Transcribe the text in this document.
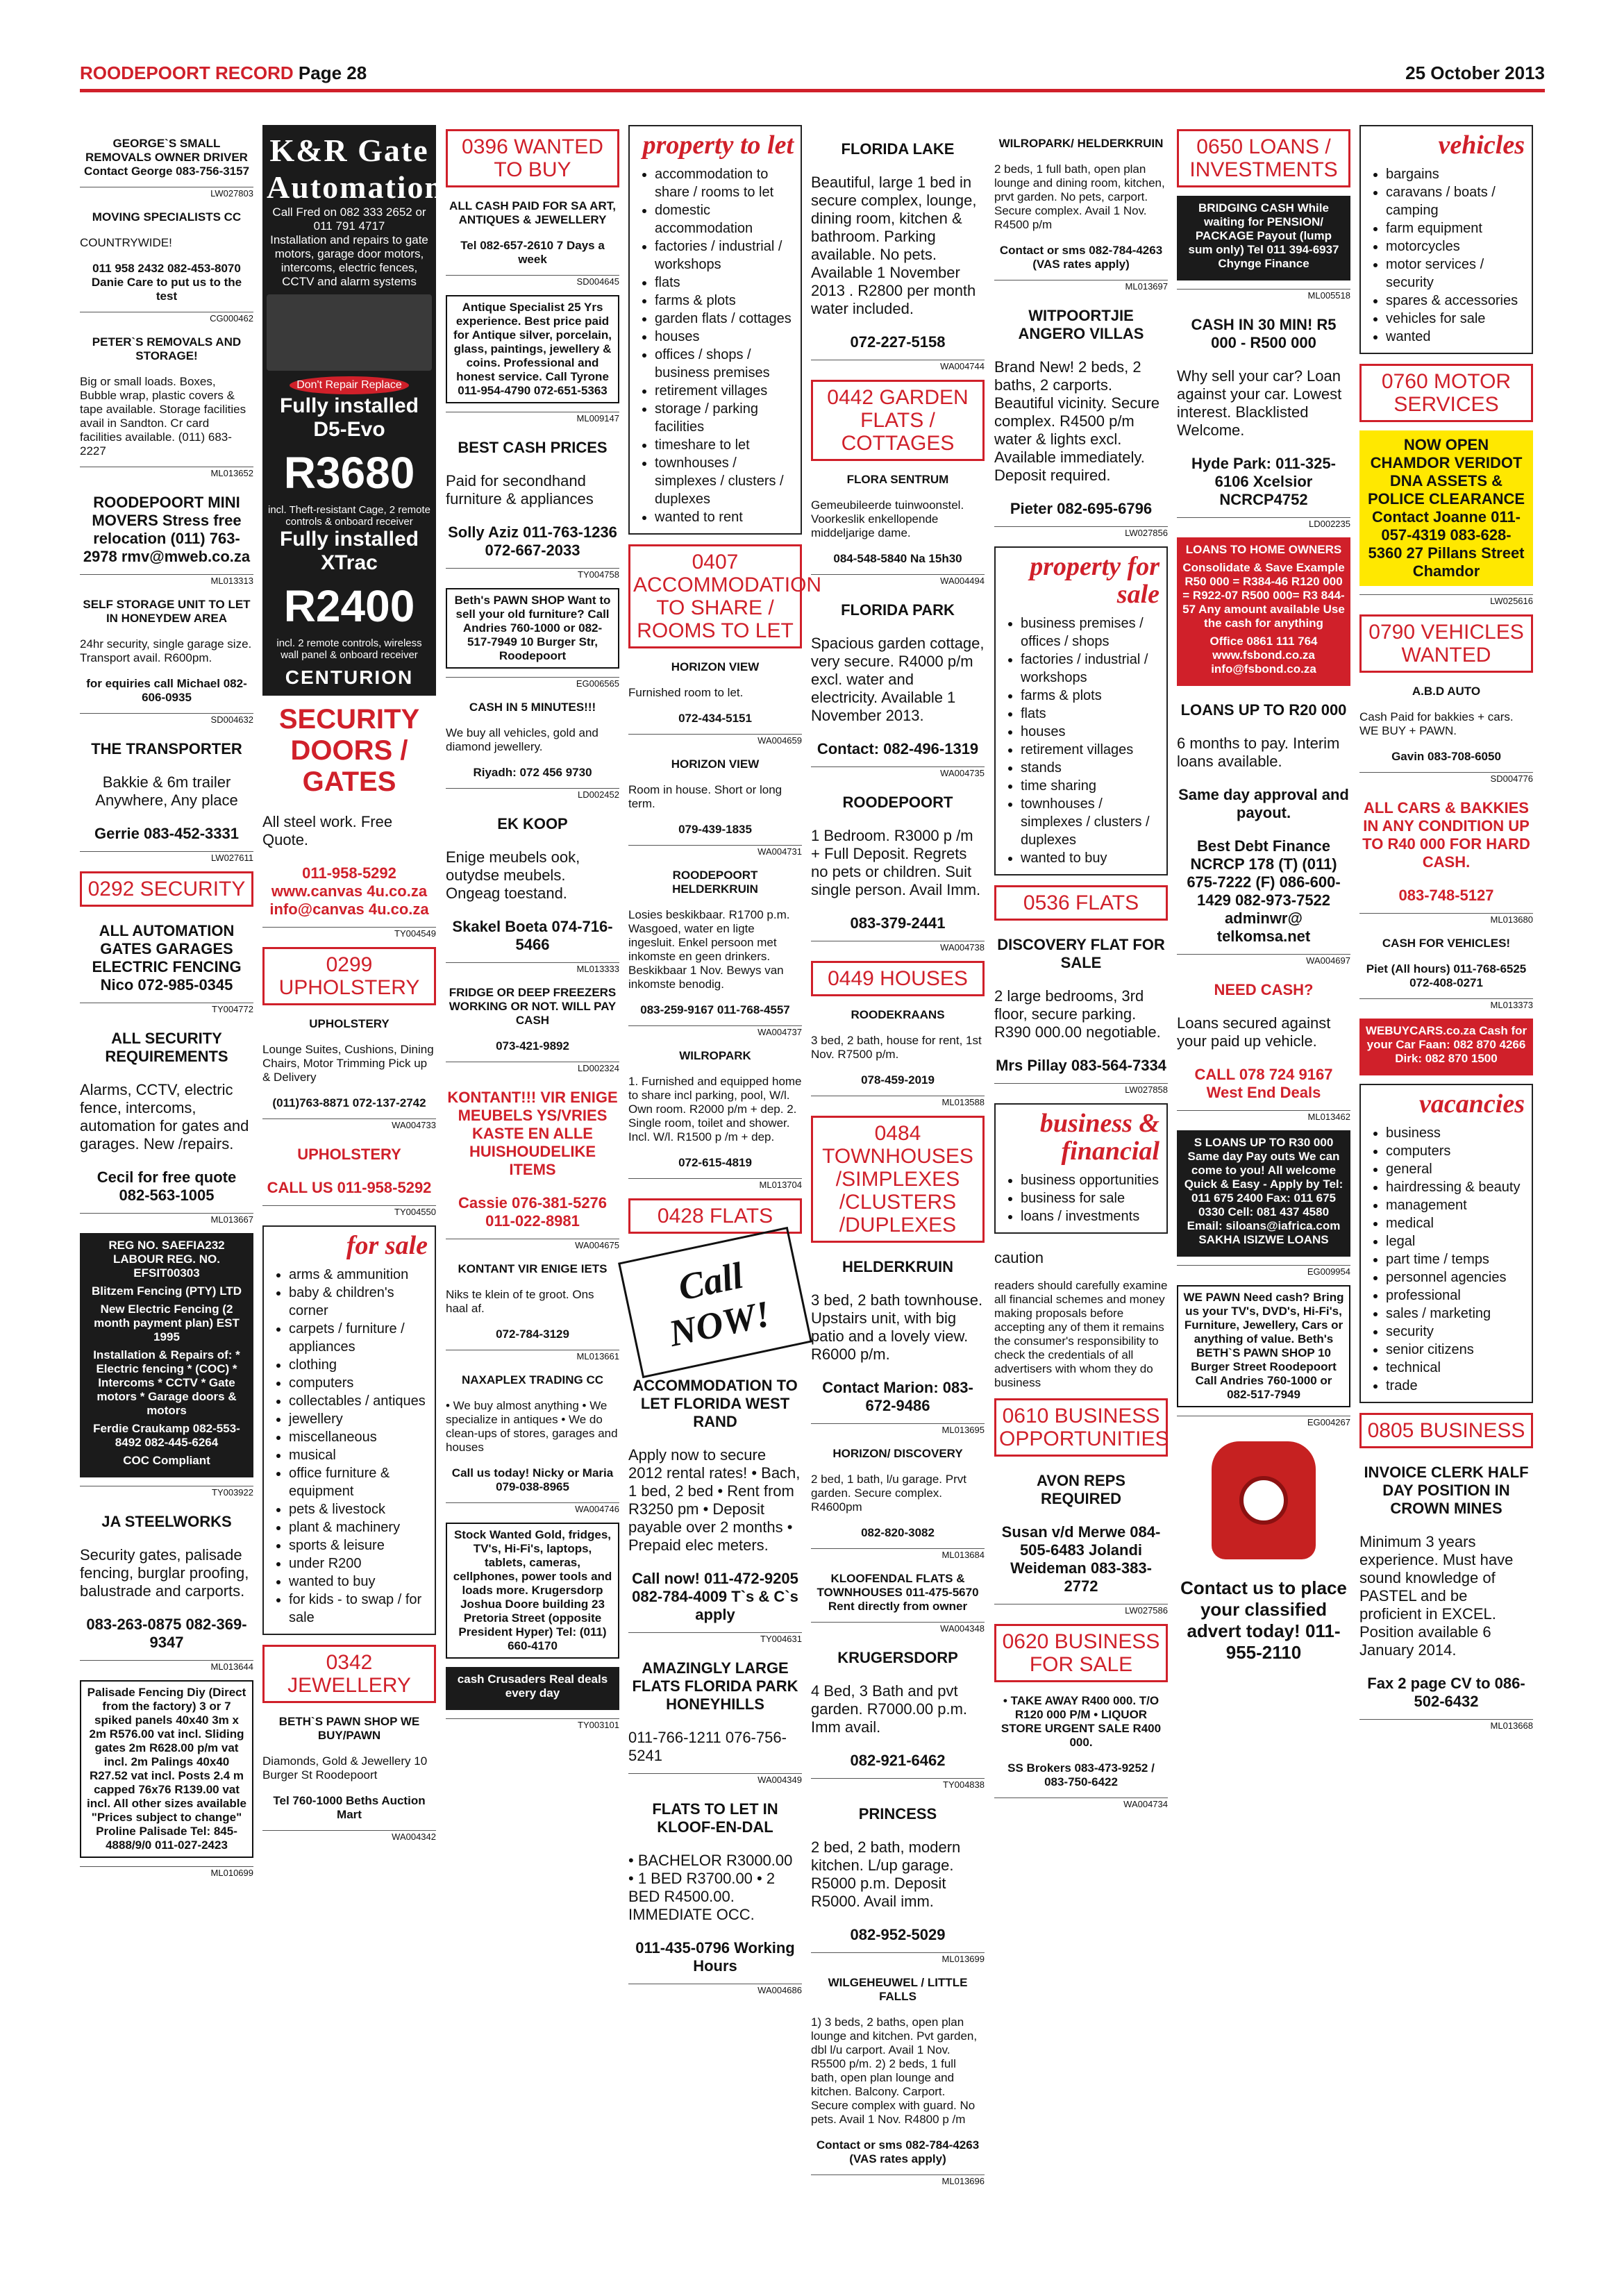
ROODEPOORT RECORD Page 28	25 October 2013

GEORGE`S SMALL REMOVALS OWNER DRIVER Contact George 083-756-3157

LW027803

MOVING SPECIALISTS CC

COUNTRYWIDE!

011 958 2432 082-453-8070 Danie Care to put us to the test

CG000462

PETER`S REMOVALS AND STORAGE!

Big or small loads. Boxes, Bubble wrap, plastic covers & tape available. Storage facilities avail in Sandton. Cr card facilities available. (011) 683-2227

ML013652

ROODEPOORT MINI MOVERS Stress free relocation (011) 763-2978 rmv@mweb.co.za

ML013313

SELF STORAGE UNIT TO LET IN HONEYDEW AREA

24hr security, single garage size. Transport avail. R600pm.

for equiries call Michael 082-606-0935

SD004632

THE TRANSPORTER

Bakkie & 6m trailer Anywhere, Any place

Gerrie 083-452-3331

LW027611
0292 SECURITY

ALL AUTOMATION GATES GARAGES ELECTRIC FENCING Nico 072-985-0345

TY004772

ALL SECURITY REQUIREMENTS

Alarms, CCTV, electric fence, intercoms, automation for gates and garages. New /repairs.

Cecil for free quote 082-563-1005

ML013667

REG NO. SAEFIA232 LABOUR REG. NO. EFSIT00303

Blitzem Fencing (PTY) LTD

New Electric Fencing (2 month payment plan) EST 1995

Installation & Repairs of: * Electric fencing * (COC) * Intercoms * CCTV * Gate motors * Garage doors & motors

Ferdie Craukamp 082-553-8492 082-445-6264

COC Compliant

TY003922

JA STEELWORKS

Security gates, palisade fencing, burglar proofing, balustrade and carports.

083-263-0875 082-369-9347

ML013644
Palisade Fencing Diy (Direct from the factory) 3 or 7 spiked panels 40x40 3m x 2m R576.00 vat incl. Sliding gates 2m R628.00 p/m vat incl. 2m Palings 40x40 R27.52 vat incl. Posts 2.4 m capped 76x76 R139.00 vat incl. All other sizes available "Prices subject to change" Proline Palisade Tel: 845-4888/9/0 011-027-2423
ML010699
K&R Gate Automation
Call Fred on 082 333 2652 or 011 791 4717
Installation and repairs to gate motors, garage door motors, intercoms, electric fences, CCTV and alarm systems
Don't Repair Replace
Fully installed D5-Evo
R3680
incl. Theft-resistant Cage, 2 remote controls & onboard receiver
Fully installed XTrac
R2400
incl. 2 remote controls, wireless wall panel & onboard receiver
CENTURION
SECURITY DOORS / GATES

All steel work. Free Quote.

011-958-5292 www.canvas 4u.co.za info@canvas 4u.co.za

TY004549
0299 UPHOLSTERY

UPHOLSTERY

Lounge Suites, Cushions, Dining Chairs, Motor Trimming Pick up & Delivery

(011)763-8871 072-137-2742

WA004733

UPHOLSTERY

CALL US 011-958-5292

TY004550
for sale
• arms & ammunition
• baby & children's corner
• carpets / furniture / appliances
• clothing
• computers
• collectables / antiques
• jewellery
• miscellaneous
• musical
• office furniture & equipment
• pets & livestock
• plant & machinery
• sports & leisure
• under R200
• wanted to buy
• for kids - to swap / for sale
0342 JEWELLERY

BETH`S PAWN SHOP WE BUY/PAWN

Diamonds, Gold & Jewellery 10 Burger St Roodepoort

Tel 760-1000 Beths Auction Mart

WA004342
0396 WANTED TO BUY

ALL CASH PAID FOR SA ART, ANTIQUES & JEWELLERY

Tel 082-657-2610 7 Days a week

SD004645
Antique Specialist 25 Yrs experience. Best price paid for Antique silver, porcelain, glass, paintings, jewellery & coins. Professional and honest service. Call Tyrone 011-954-4790 072-651-5363
ML009147

BEST CASH PRICES

Paid for secondhand furniture & appliances

Solly Aziz 011-763-1236 072-667-2033

TY004758
Beth's PAWN SHOP Want to sell your old furniture? Call Andries 760-1000 or 082-517-7949 10 Burger Str, Roodepoort
EG006565

CASH IN 5 MINUTES!!!

We buy all vehicles, gold and diamond jewellery.

Riyadh: 072 456 9730

LD002452

EK KOOP

Enige meubels ook, outydse meubels. Ongeag toestand.

Skakel Boeta 074-716-5466

ML013333

FRIDGE OR DEEP FREEZERS WORKING OR NOT. WILL PAY CASH

073-421-9892

LD002324

KONTANT!!! VIR ENIGE MEUBELS YS/VRIES KASTE EN ALLE HUISHOUDELIKE ITEMS

Cassie 076-381-5276 011-022-8981

WA004675

KONTANT VIR ENIGE IETS

Niks te klein of te groot. Ons haal af.

072-784-3129

ML013661

NAXAPLEX TRADING CC

• We buy almost anything • We specialize in antiques • We do clean-ups of stores, garages and houses

Call us today! Nicky or Maria 079-038-8965

WA004746
Stock Wanted Gold, fridges, TV's, Hi-Fi's, laptops, tablets, cameras, cellphones, power tools and loads more. Krugersdorp Joshua Doore building 23 Pretoria Street (opposite President Hyper) Tel: (011) 660-4170

cash Crusaders Real deals every day

TY003101
property to let
• accommodation to share / rooms to let
• domestic accommodation
• factories / industrial / workshops
• flats
• farms & plots
• garden flats / cottages
• houses
• offices / shops / business premises
• retirement villages
• storage / parking facilities
• timeshare to let
• townhouses / simplexes / clusters / duplexes
• wanted to rent
0407 ACCOMMODATION TO SHARE / ROOMS TO LET

HORIZON VIEW

Furnished room to let.

072-434-5151

WA004659

HORIZON VIEW

Room in house. Short or long term.

079-439-1835

WA004731

ROODEPOORT HELDERKRUIN

Losies beskikbaar. R1700 p.m. Wasgoed, water en ligte ingesluit. Enkel persoon met inkomste en geen drinkers. Beskikbaar 1 Nov. Bewys van inkomste benodig.

083-259-9167 011-768-4557

WA004737

WILROPARK

1. Furnished and equipped home to share incl parking, pool, W/l. Own room. R2000 p/m + dep. 2. Single room, toilet and shower. Incl. W/l. R1500 p /m + dep.

072-615-4819

ML013704
0428 FLATS
Call NOW!

ACCOMMODATION TO LET FLORIDA WEST RAND

Apply now to secure 2012 rental rates! • Bach, 1 bed, 2 bed • Rent from R3250 pm • Deposit payable over 2 months • Prepaid elec meters.

Call now! 011-472-9205 082-784-4009 T`s & C`s apply

TY004631

AMAZINGLY LARGE FLATS FLORIDA PARK HONEYHILLS

011-766-1211 076-756-5241

WA004349

FLATS TO LET IN KLOOF-EN-DAL

• BACHELOR R3000.00 • 1 BED R3700.00 • 2 BED R4500.00. IMMEDIATE OCC.

011-435-0796 Working Hours

WA004686

FLORIDA LAKE

Beautiful, large 1 bed in secure complex, lounge, dining room, kitchen & bathroom. Parking available. No pets. Available 1 November 2013 . R2800 per month water included.

072-227-5158

WA004744
0442 GARDEN FLATS / COTTAGES

FLORA SENTRUM

Gemeubileerde tuinwoonstel. Voorkeslik enkellopende middeljarige dame.

084-548-5840 Na 15h30

WA004494

FLORIDA PARK

Spacious garden cottage, very secure. R4000 p/m excl. water and electricity. Available 1 November 2013.

Contact: 082-496-1319

WA004735

ROODEPOORT

1 Bedroom. R3000 p /m + Full Deposit. Regrets no pets or children. Suit single person. Avail Imm.

083-379-2441

WA004738
0449 HOUSES

ROODEKRAANS

3 bed, 2 bath, house for rent, 1st Nov. R7500 p/m.

078-459-2019

ML013588
0484 TOWNHOUSES /SIMPLEXES /CLUSTERS /DUPLEXES

HELDERKRUIN

3 bed, 2 bath townhouse. Upstairs unit, with big patio and a lovely view. R6000 p/m.

Contact Marion: 083-672-9486

ML013695

HORIZON/ DISCOVERY

2 bed, 1 bath, l/u garage. Prvt garden. Secure complex. R4600pm

082-820-3082

ML013684

KLOOFENDAL FLATS & TOWNHOUSES 011-475-5670 Rent directly from owner

WA004348

KRUGERSDORP

4 Bed, 3 Bath and pvt garden. R7000.00 p.m. Imm avail.

082-921-6462

TY004838

PRINCESS

2 bed, 2 bath, modern kitchen. L/up garage. R5000 p.m. Deposit R5000. Avail imm.

082-952-5029

ML013699

WILGEHEUWEL / LITTLE FALLS

1) 3 beds, 2 baths, open plan lounge and kitchen. Pvt garden, dbl l/u carport. Avail 1 Nov. R5500 p/m. 2) 2 beds, 1 full bath, open plan lounge and kitchen. Balcony. Carport. Secure complex with guard. No pets. Avail 1 Nov. R4800 p /m

Contact or sms 082-784-4263 (VAS rates apply)

ML013696

WILROPARK/ HELDERKRUIN

2 beds, 1 full bath, open plan lounge and dining room, kitchen, prvt garden. No pets, carport. Secure complex. Avail 1 Nov. R4500 p/m

Contact or sms 082-784-4263 (VAS rates apply)

ML013697

WITPOORTJIE ANGERO VILLAS

Brand New! 2 beds, 2 baths, 2 carports. Beautiful vicinity. Secure complex. R4500 p/m water & lights excl. Available immediately. Deposit required.

Pieter 082-695-6796

LW027856
property for sale
• business premises / offices / shops
• factories / industrial / workshops
• farms & plots
• flats
• houses
• retirement villages
• stands
• time sharing
• townhouses / simplexes / clusters / duplexes
• wanted to buy
0536 FLATS

DISCOVERY FLAT FOR SALE

2 large bedrooms, 3rd floor, secure parking. R390 000.00 negotiable.

Mrs Pillay 083-564-7334

LW027858
business & financial
• business opportunities
• business for sale
• loans / investments

caution

readers should carefully examine all financial schemes and money making proposals before accepting any of them it remains the consumer's responsibility to check the credentials of all advertisers with whom they do business

0610 BUSINESS OPPORTUNITIES

AVON REPS REQUIRED

Susan v/d Merwe 084-505-6483 Jolandi Weideman 083-383-2772

LW027586
0620 BUSINESS FOR SALE

• TAKE AWAY R400 000. T/O R120 000 P/M • LIQUOR STORE URGENT SALE R400 000.

SS Brokers 083-473-9252 / 083-750-6422

WA004734
0650 LOANS / INVESTMENTS

BRIDGING CASH While waiting for PENSION/ PACKAGE Payout (lump sum only) Tel 011 394-6937 Chynge Finance

ML005518

CASH IN 30 MIN! R5 000 - R500 000

Why sell your car? Loan against your car. Lowest interest. Blacklisted Welcome.

Hyde Park: 011-325-6106 Xcelsior NCRCP4752

LD002235

LOANS TO HOME OWNERS

Consolidate & Save Example R50 000 = R384-46 R120 000 = R922-07 R500 000= R3 844-57 Any amount available Use the cash for anything

Office 0861 111 764 www.fsbond.co.za info@fsbond.co.za

LOANS UP TO R20 000

6 months to pay. Interim loans available.

Same day approval and payout.

Best Debt Finance NCRCP 178 (T) (011) 675-7222 (F) 086-600-1429 082-973-7522 adminwr@ telkomsa.net

WA004697

NEED CASH?

Loans secured against your paid up vehicle.

CALL 078 724 9167 West End Deals

ML013462

S LOANS UP TO R30 000 Same day Pay outs We can come to you! All welcome Quick & Easy - Apply by Tel: 011 675 2400 Fax: 011 675 0330 Cell: 081 437 4580 Email: siloans@iafrica.com SAKHA ISIZWE LOANS

EG009954
WE PAWN Need cash? Bring us your TV's, DVD's, Hi-Fi's, Furniture, Jewellery, Cars or anything of value. Beth's BETH`S PAWN SHOP 10 Burger Street Roodepoort Call Andries 760-1000 or 082-517-7949
EG004267

Contact us to place your classified advert today! 011-955-2110

vehicles
• bargains
• caravans / boats / camping
• farm equipment
• motorcycles
• motor services / security
• spares & accessories
• vehicles for sale
• wanted
0760 MOTOR SERVICES
NOW OPEN CHAMDOR VERIDOT DNA ASSETS & POLICE CLEARANCE Contact Joanne 011-057-4319 083-628-5360 27 Pillans Street Chamdor
LW025616
0790 VEHICLES WANTED

A.B.D AUTO

Cash Paid for bakkies + cars. WE BUY + PAWN.

Gavin 083-708-6050

SD004776

ALL CARS & BAKKIES IN ANY CONDITION UP TO R40 000 FOR HARD CASH.

083-748-5127

ML013680

CASH FOR VEHICLES!

Piet (All hours) 011-768-6525 072-408-0271

ML013373

WEBUYCARS.co.za Cash for your Car Faan: 082 870 4266 Dirk: 082 870 1500

vacancies
• business
• computers
• general
• hairdressing & beauty
• management
• medical
• legal
• part time / temps
• personnel agencies
• professional
• sales / marketing
• security
• senior citizens
• technical
• trade
0805 BUSINESS

INVOICE CLERK HALF DAY POSITION IN CROWN MINES

Minimum 3 years experience. Must have sound knowledge of PASTEL and be proficient in EXCEL. Position available 6 January 2014.

Fax 2 page CV to 086-502-6432

ML013668
